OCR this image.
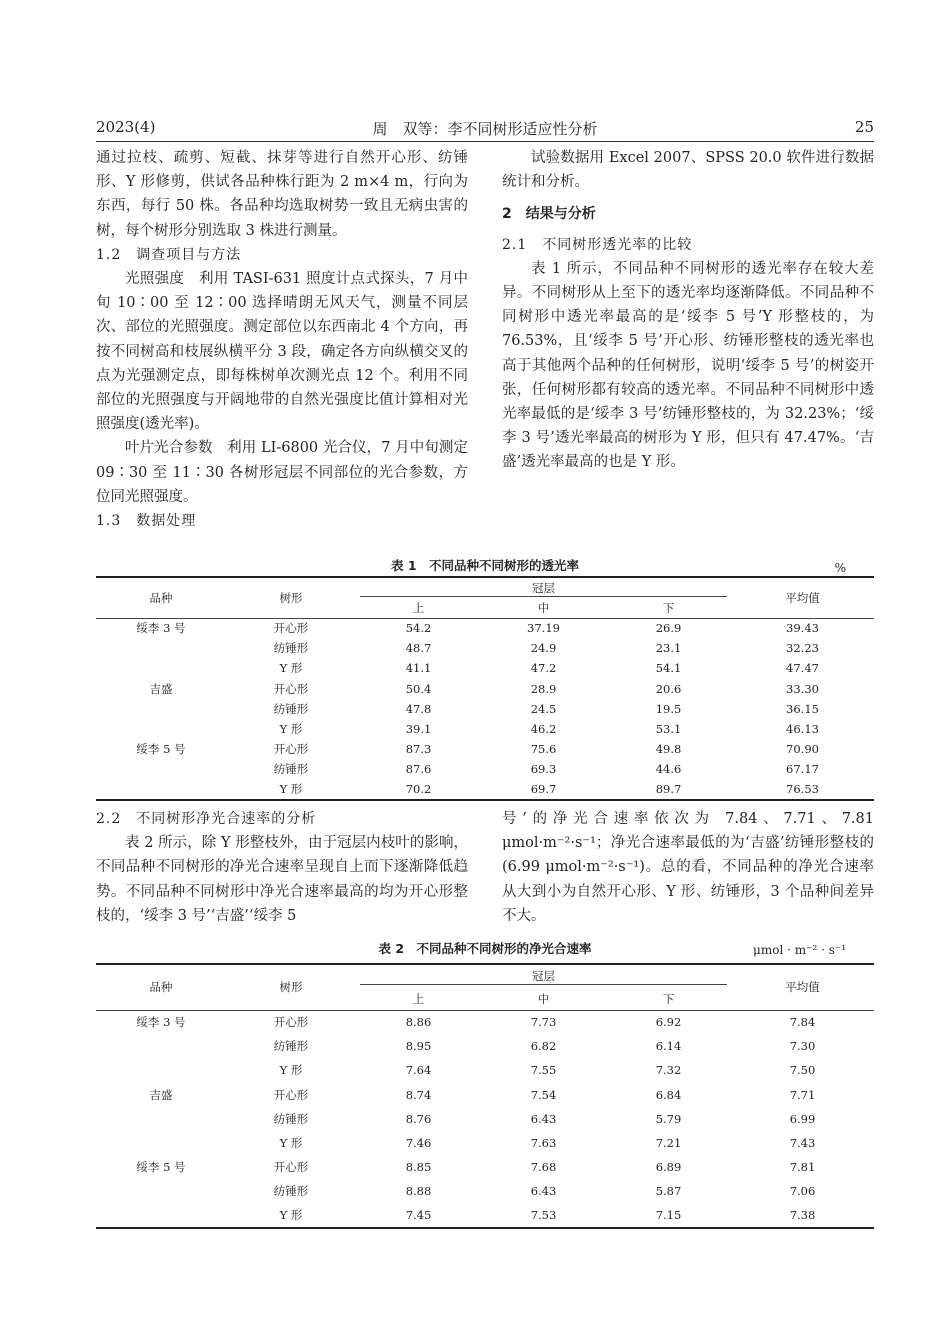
2023(4)	周　双等：李不同树形适应性分析	25

通过拉枝、疏剪、短截、抹芽等进行自然开心形、纺锤形、Y 形修剪，供试各品种株行距为 2 m×4 m，行向为东西，每行 50 株。各品种均选取树势一致且无病虫害的树，每个树形分别选取 3 株进行测量。

1.2　调查项目与方法

光照强度　利用 TASI-631 照度计点式探头，7 月中旬 10∶00 至 12∶00 选择晴朗无风天气，测量不同层次、部位的光照强度。测定部位以东西南北 4 个方向，再按不同树高和枝展纵横平分 3 段，确定各方向纵横交叉的点为光强测定点，即每株树单次测光点 12 个。利用不同部位的光照强度与开阔地带的自然光强度比值计算相对光照强度(透光率)。

叶片光合参数　利用 LI-6800 光合仪，7 月中旬测定 09∶30 至 11∶30 各树形冠层不同部位的光合参数，方位同光照强度。

1.3　数据处理

试验数据用 Excel 2007、SPSS 20.0 软件进行数据统计和分析。

2　结果与分析

2.1　不同树形透光率的比较

表 1 所示，不同品种不同树形的透光率存在较大差异。不同树形从上至下的透光率均逐渐降低。不同品种不同树形中透光率最高的是‘绥李 5 号’Y 形整枝的，为 76.53%，且‘绥李 5 号’开心形、纺锤形整枝的透光率也高于其他两个品种的任何树形，说明‘绥李 5 号’的树姿开张，任何树形都有较高的透光率。不同品种不同树形中透光率最低的是‘绥李 3 号’纺锤形整枝的，为 32.23%；‘绥李 3 号’透光率最高的树形为 Y 形，但只有 47.47%。‘吉盛’透光率最高的也是 Y 形。

表 1　不同品种不同树形的透光率	%
品种	树形	冠层			平均值
		上	中	下	
绥李 3 号	开心形	54.2	37.19	26.9	39.43
	纺锤形	48.7	24.9	23.1	32.23
	Y 形	41.1	47.2	54.1	47.47
吉盛	开心形	50.4	28.9	20.6	33.30
	纺锤形	47.8	24.5	19.5	36.15
	Y 形	39.1	46.2	53.1	46.13
绥李 5 号	开心形	87.3	75.6	49.8	70.90
	纺锤形	87.6	69.3	44.6	67.17
	Y 形	70.2	69.7	89.7	76.53

2.2　不同树形净光合速率的分析

表 2 所示，除 Y 形整枝外，由于冠层内枝叶的影响，不同品种不同树形的净光合速率呈现自上而下逐渐降低趋势。不同品种不同树形中净光合速率最高的均为开心形整枝的，‘绥李 3 号’‘吉盛’‘绥李 5

号’的净光合速率依次为 7.84、7.71、7.81 μmol·m⁻²·s⁻¹；净光合速率最低的为‘吉盛’纺锤形整枝的(6.99 μmol·m⁻²·s⁻¹)。总的看，不同品种的净光合速率从大到小为自然开心形、Y 形、纺锤形，3 个品种间差异不大。

表 2　不同品种不同树形的净光合速率	μmol · m⁻² · s⁻¹
品种	树形	冠层			平均值
		上	中	下	
绥李 3 号	开心形	8.86	7.73	6.92	7.84
	纺锤形	8.95	6.82	6.14	7.30
	Y 形	7.64	7.55	7.32	7.50
吉盛	开心形	8.74	7.54	6.84	7.71
	纺锤形	8.76	6.43	5.79	6.99
	Y 形	7.46	7.63	7.21	7.43
绥李 5 号	开心形	8.85	7.68	6.89	7.81
	纺锤形	8.88	6.43	5.87	7.06
	Y 形	7.45	7.53	7.15	7.38
